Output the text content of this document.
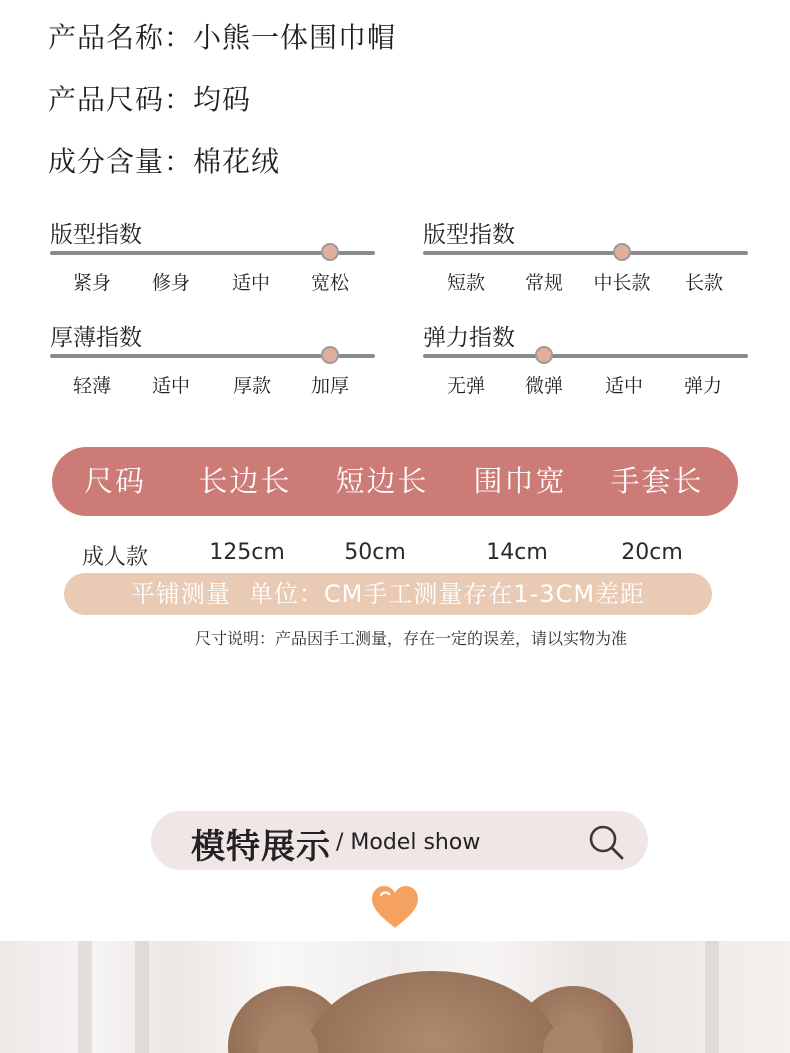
产品名称：小熊一体围巾帽
产品尺码：均码
成分含量：棉花绒
版型指数
紧身	修身	适中	宽松
版型指数
短款	常规	中长款	长款
厚薄指数
轻薄	适中	厚款	加厚
弹力指数
无弹	微弹	适中	弹力
尺码	长边长	短边长	围巾宽	手套长
成人款	125cm	50cm	14cm	20cm
平铺测量 单位：CM手工测量存在1-3CM差距
尺寸说明：产品因手工测量，存在一定的误差，请以实物为准
模特展示 / Model show
